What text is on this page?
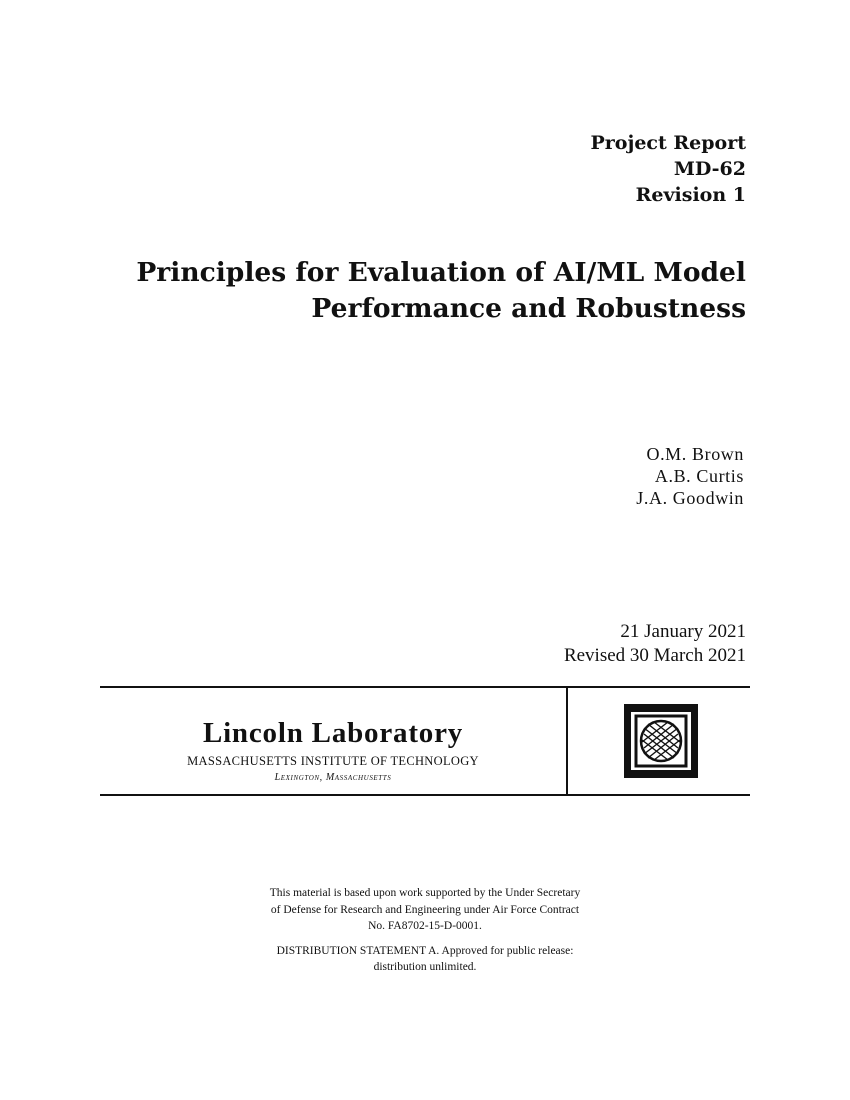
Project Report
MD-62
Revision 1
Principles for Evaluation of AI/ML Model
Performance and Robustness
O.M. Brown
A.B. Curtis
J.A. Goodwin
21 January 2021
Revised 30 March 2021
Lincoln Laboratory
MASSACHUSETTS INSTITUTE OF TECHNOLOGY
Lexington, Massachusetts

This material is based upon work supported by the Under Secretary
of Defense for Research and Engineering under Air Force Contract
No. FA8702-15-D-0001.

DISTRIBUTION STATEMENT A. Approved for public release:
distribution unlimited.
